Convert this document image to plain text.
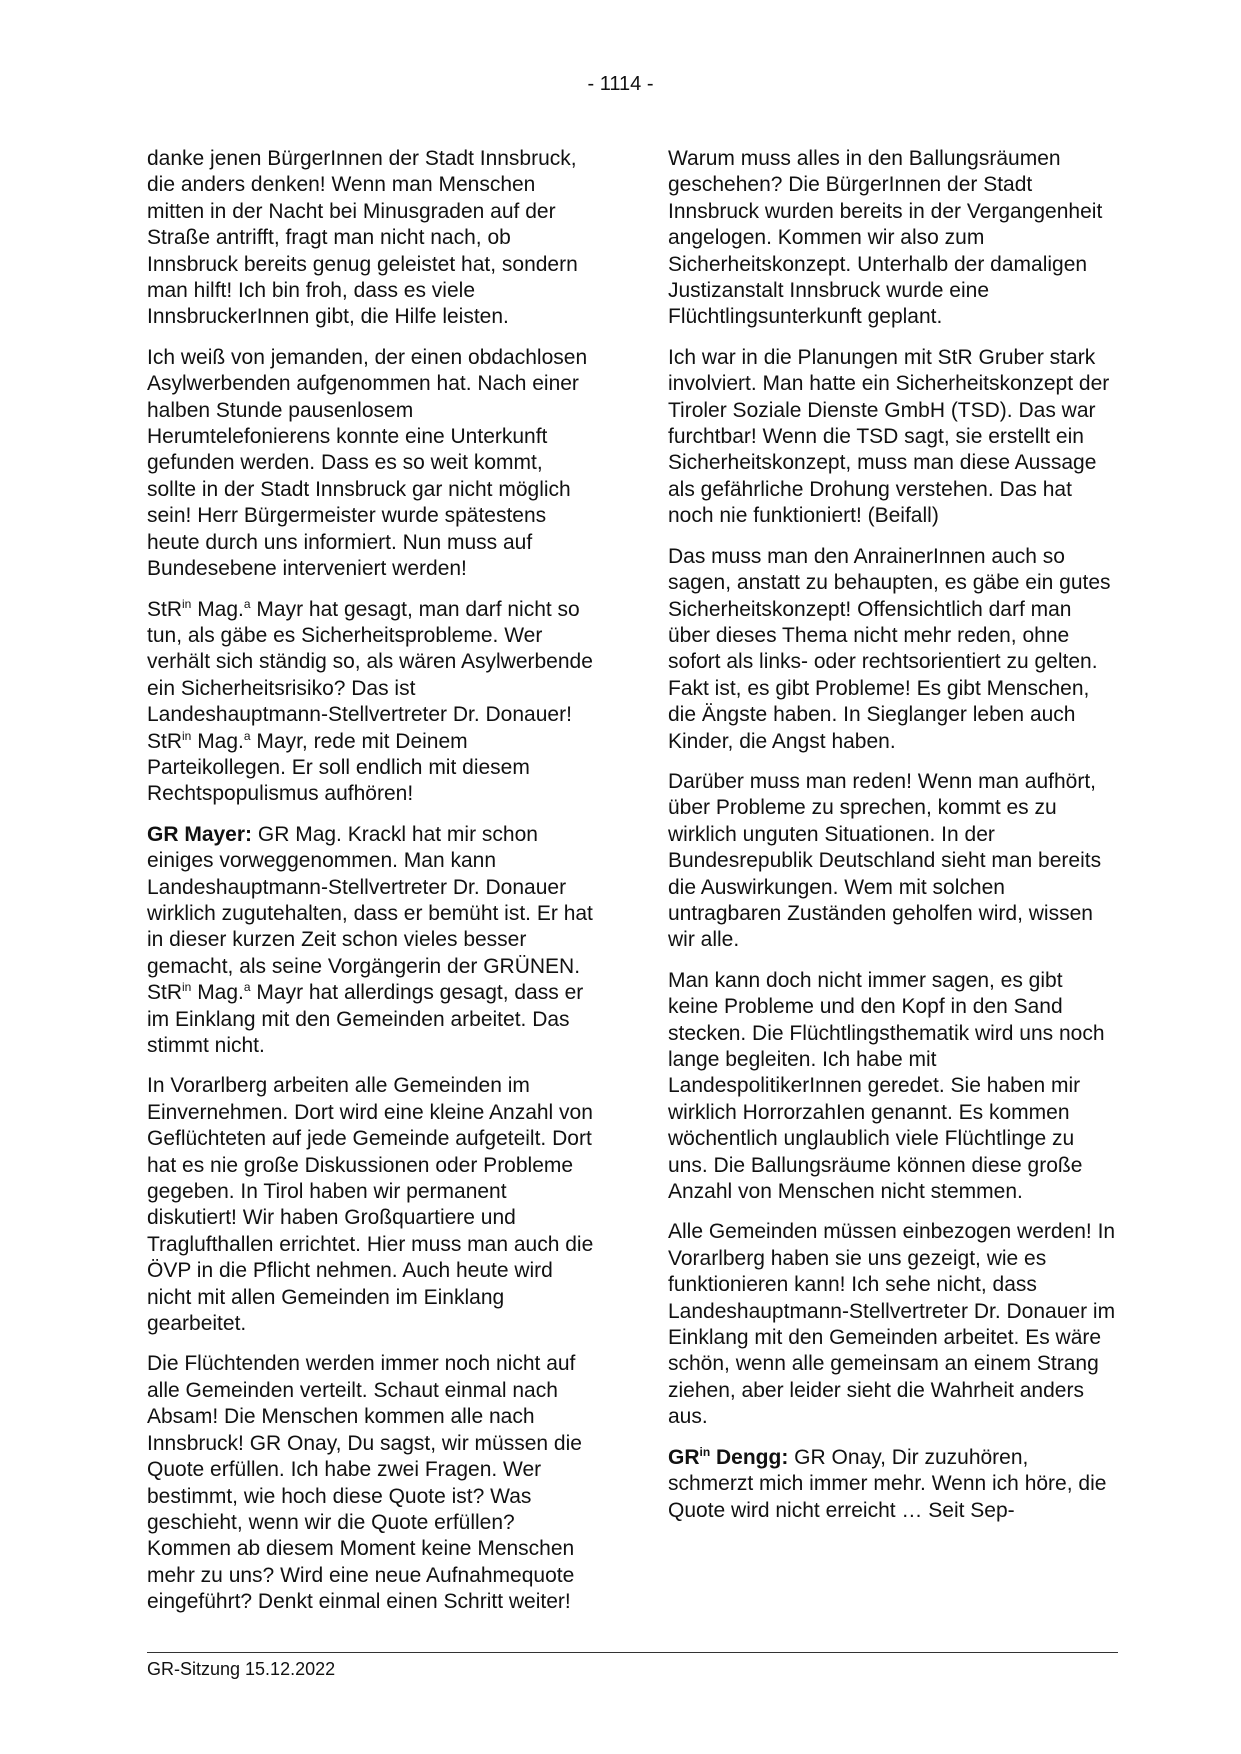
- 1114 -

danke jenen BürgerInnen der Stadt Innsbruck, die anders denken! Wenn man Menschen mitten in der Nacht bei Minusgraden auf der Straße antrifft, fragt man nicht nach, ob Innsbruck bereits genug geleistet hat, sondern man hilft! Ich bin froh, dass es viele InnsbruckerInnen gibt, die Hilfe leisten.

Ich weiß von jemanden, der einen obdachlosen Asylwerbenden aufgenommen hat. Nach einer halben Stunde pausenlosem Herumtelefonierens konnte eine Unterkunft gefunden werden. Dass es so weit kommt, sollte in der Stadt Innsbruck gar nicht möglich sein! Herr Bürgermeister wurde spätestens heute durch uns informiert. Nun muss auf Bundesebene interveniert werden!

StR$^{in}$ Mag.$^a$ Mayr hat gesagt, man darf nicht so tun, als gäbe es Sicherheitsprobleme. Wer verhält sich ständig so, als wären Asylwerbende ein Sicherheitsrisiko? Das ist Landeshauptmann-Stellvertreter Dr. Donauer! StR$^{in}$ Mag.$^a$ Mayr, rede mit Deinem Parteikollegen. Er soll endlich mit diesem Rechtspopulismus aufhören!

GR Mayer: GR Mag. Krackl hat mir schon einiges vorweggenommen. Man kann Landeshauptmann-Stellvertreter Dr. Donauer wirklich zugutehalten, dass er bemüht ist. Er hat in dieser kurzen Zeit schon vieles besser gemacht, als seine Vorgängerin der GRÜNEN. StR$^{in}$ Mag.$^a$ Mayr hat allerdings gesagt, dass er im Einklang mit den Gemeinden arbeitet. Das stimmt nicht.

In Vorarlberg arbeiten alle Gemeinden im Einvernehmen. Dort wird eine kleine Anzahl von Geflüchteten auf jede Gemeinde aufgeteilt. Dort hat es nie große Diskussionen oder Probleme gegeben. In Tirol haben wir permanent diskutiert! Wir haben Großquartiere und Traglufthallen errichtet. Hier muss man auch die ÖVP in die Pflicht nehmen. Auch heute wird nicht mit allen Gemeinden im Einklang gearbeitet.

Die Flüchtenden werden immer noch nicht auf alle Gemeinden verteilt. Schaut einmal nach Absam! Die Menschen kommen alle nach Innsbruck! GR Onay, Du sagst, wir müssen die Quote erfüllen. Ich habe zwei Fragen. Wer bestimmt, wie hoch diese Quote ist? Was geschieht, wenn wir die Quote erfüllen? Kommen ab diesem Moment keine Menschen mehr zu uns? Wird eine neue Aufnahmequote eingeführt? Denkt einmal einen Schritt weiter!

Warum muss alles in den Ballungsräumen geschehen? Die BürgerInnen der Stadt Innsbruck wurden bereits in der Vergangenheit angelogen. Kommen wir also zum Sicherheitskonzept. Unterhalb der damaligen Justizanstalt Innsbruck wurde eine Flüchtlingsunterkunft geplant.

Ich war in die Planungen mit StR Gruber stark involviert. Man hatte ein Sicherheitskonzept der Tiroler Soziale Dienste GmbH (TSD). Das war furchtbar! Wenn die TSD sagt, sie erstellt ein Sicherheitskonzept, muss man diese Aussage als gefährliche Drohung verstehen. Das hat noch nie funktioniert! (Beifall)

Das muss man den AnrainerInnen auch so sagen, anstatt zu behaupten, es gäbe ein gutes Sicherheitskonzept! Offensichtlich darf man über dieses Thema nicht mehr reden, ohne sofort als links- oder rechtsorientiert zu gelten. Fakt ist, es gibt Probleme! Es gibt Menschen, die Ängste haben. In Sieglanger leben auch Kinder, die Angst haben.

Darüber muss man reden! Wenn man aufhört, über Probleme zu sprechen, kommt es zu wirklich unguten Situationen. In der Bundesrepublik Deutschland sieht man bereits die Auswirkungen. Wem mit solchen untragbaren Zuständen geholfen wird, wissen wir alle.

Man kann doch nicht immer sagen, es gibt keine Probleme und den Kopf in den Sand stecken. Die Flüchtlingsthematik wird uns noch lange begleiten. Ich habe mit LandespolitikerInnen geredet. Sie haben mir wirklich HorrorzahIen genannt. Es kommen wöchentlich unglaublich viele Flüchtlinge zu uns. Die Ballungsräume können diese große Anzahl von Menschen nicht stemmen.

Alle Gemeinden müssen einbezogen werden! In Vorarlberg haben sie uns gezeigt, wie es funktionieren kann! Ich sehe nicht, dass Landeshauptmann-Stellvertreter Dr. Donauer im Einklang mit den Gemeinden arbeitet. Es wäre schön, wenn alle gemeinsam an einem Strang ziehen, aber leider sieht die Wahrheit anders aus.

$GR^{in}$ Dengg: GR Onay, Dir zuzuhören, schmerzt mich immer mehr. Wenn ich höre, die Quote wird nicht erreicht … Seit Sep-

GR-Sitzung 15.12.2022
